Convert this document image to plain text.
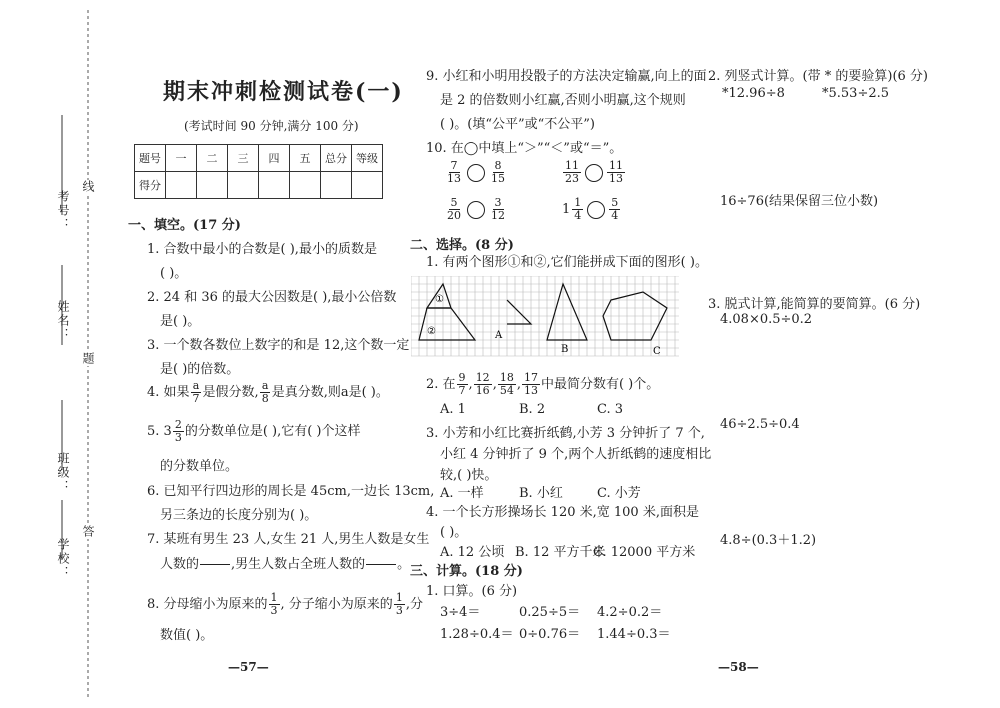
考号：
姓名：
班级：
学校：
线
题
答
期末冲刺检测试卷(一)
(考试时间 90 分钟,满分 100 分)
题号	一	二	三	四	五	总分	等级
得分							
一、填空。(17 分)
1. 合数中最小的合数是( ),最小的质数是
( )。
2. 24 和 36 的最大公因数是( ),最小公倍数
是( )。
3. 一个数各数位上数字的和是 12,这个数一定
是( )的倍数。
4. 如果 $\frac{a}{7}$ 是假分数, $\frac{a}{8}$ 是真分数,则a是( )。
5. $3 \frac{2}{3}$ 的分数单位是( ),它有( )个这样
的分数单位。
6. 已知平行四边形的周长是 45cm,一边长 13cm,
另三条边的长度分别为( )。
7. 某班有男生 23 人,女生 21 人,男生人数是女生
人数的

,男生人数占全班人数的

。
8. 分母缩小为原来的 $\frac{1}{3}$ , 分子缩小为原来的 $\frac{1}{3}$ ,分
数值( )。
—57—
9. 小红和小明用投骰子的方法决定输赢,向上的面
是 2 的倍数则小红赢,否则小明赢,这个规则
( )。(填“公平”或“不公平”)
10. 在◯中填上“＞”“＜”或“＝”。
$\frac{7}{13} \frac{8}{15}$	$\frac{11}{23} \frac{11}{13}$
$\frac{5}{20} \frac{3}{12}$	$1 \frac{1}{4} \frac{5}{4}$
二、选择。(8 分)
1. 有两个图形①和②,它们能拼成下面的图形( )。
①
②	A
B	C
2. 在 $\frac{9}{7}$ , $\frac{12}{16}$ , $\frac{18}{54}$ , $\frac{17}{13}$ 中最简分数有( )个。
A. 1	B. 2	C. 3
3. 小芳和小红比赛折纸鹤,小芳 3 分钟折了 7 个,
小红 4 分钟折了 9 个,两个人折纸鹤的速度相比
较,( )快。
A. 一样	B. 小红	C. 小芳
4. 一个长方形操场长 120 米,宽 100 米,面积是
( )。
A. 12 公顷 B. 12 平方千米
C. 12000 平方米
三、计算。(18 分)
1. 口算。(6 分)
3÷4＝	0.25÷5＝ 4.2÷0.2＝
1.28÷0.4＝ 0÷0.76＝ 1.44÷0.3＝
2. 列竖式计算。(带 * 的要验算)(6 分)
*12.96÷8	*5.53÷2.5
16÷76(结果保留三位小数)
3. 脱式计算,能简算的要简算。(6 分)
4.08×0.5÷0.2
46÷2.5÷0.4
4.8÷(0.3＋1.2)
—58—
